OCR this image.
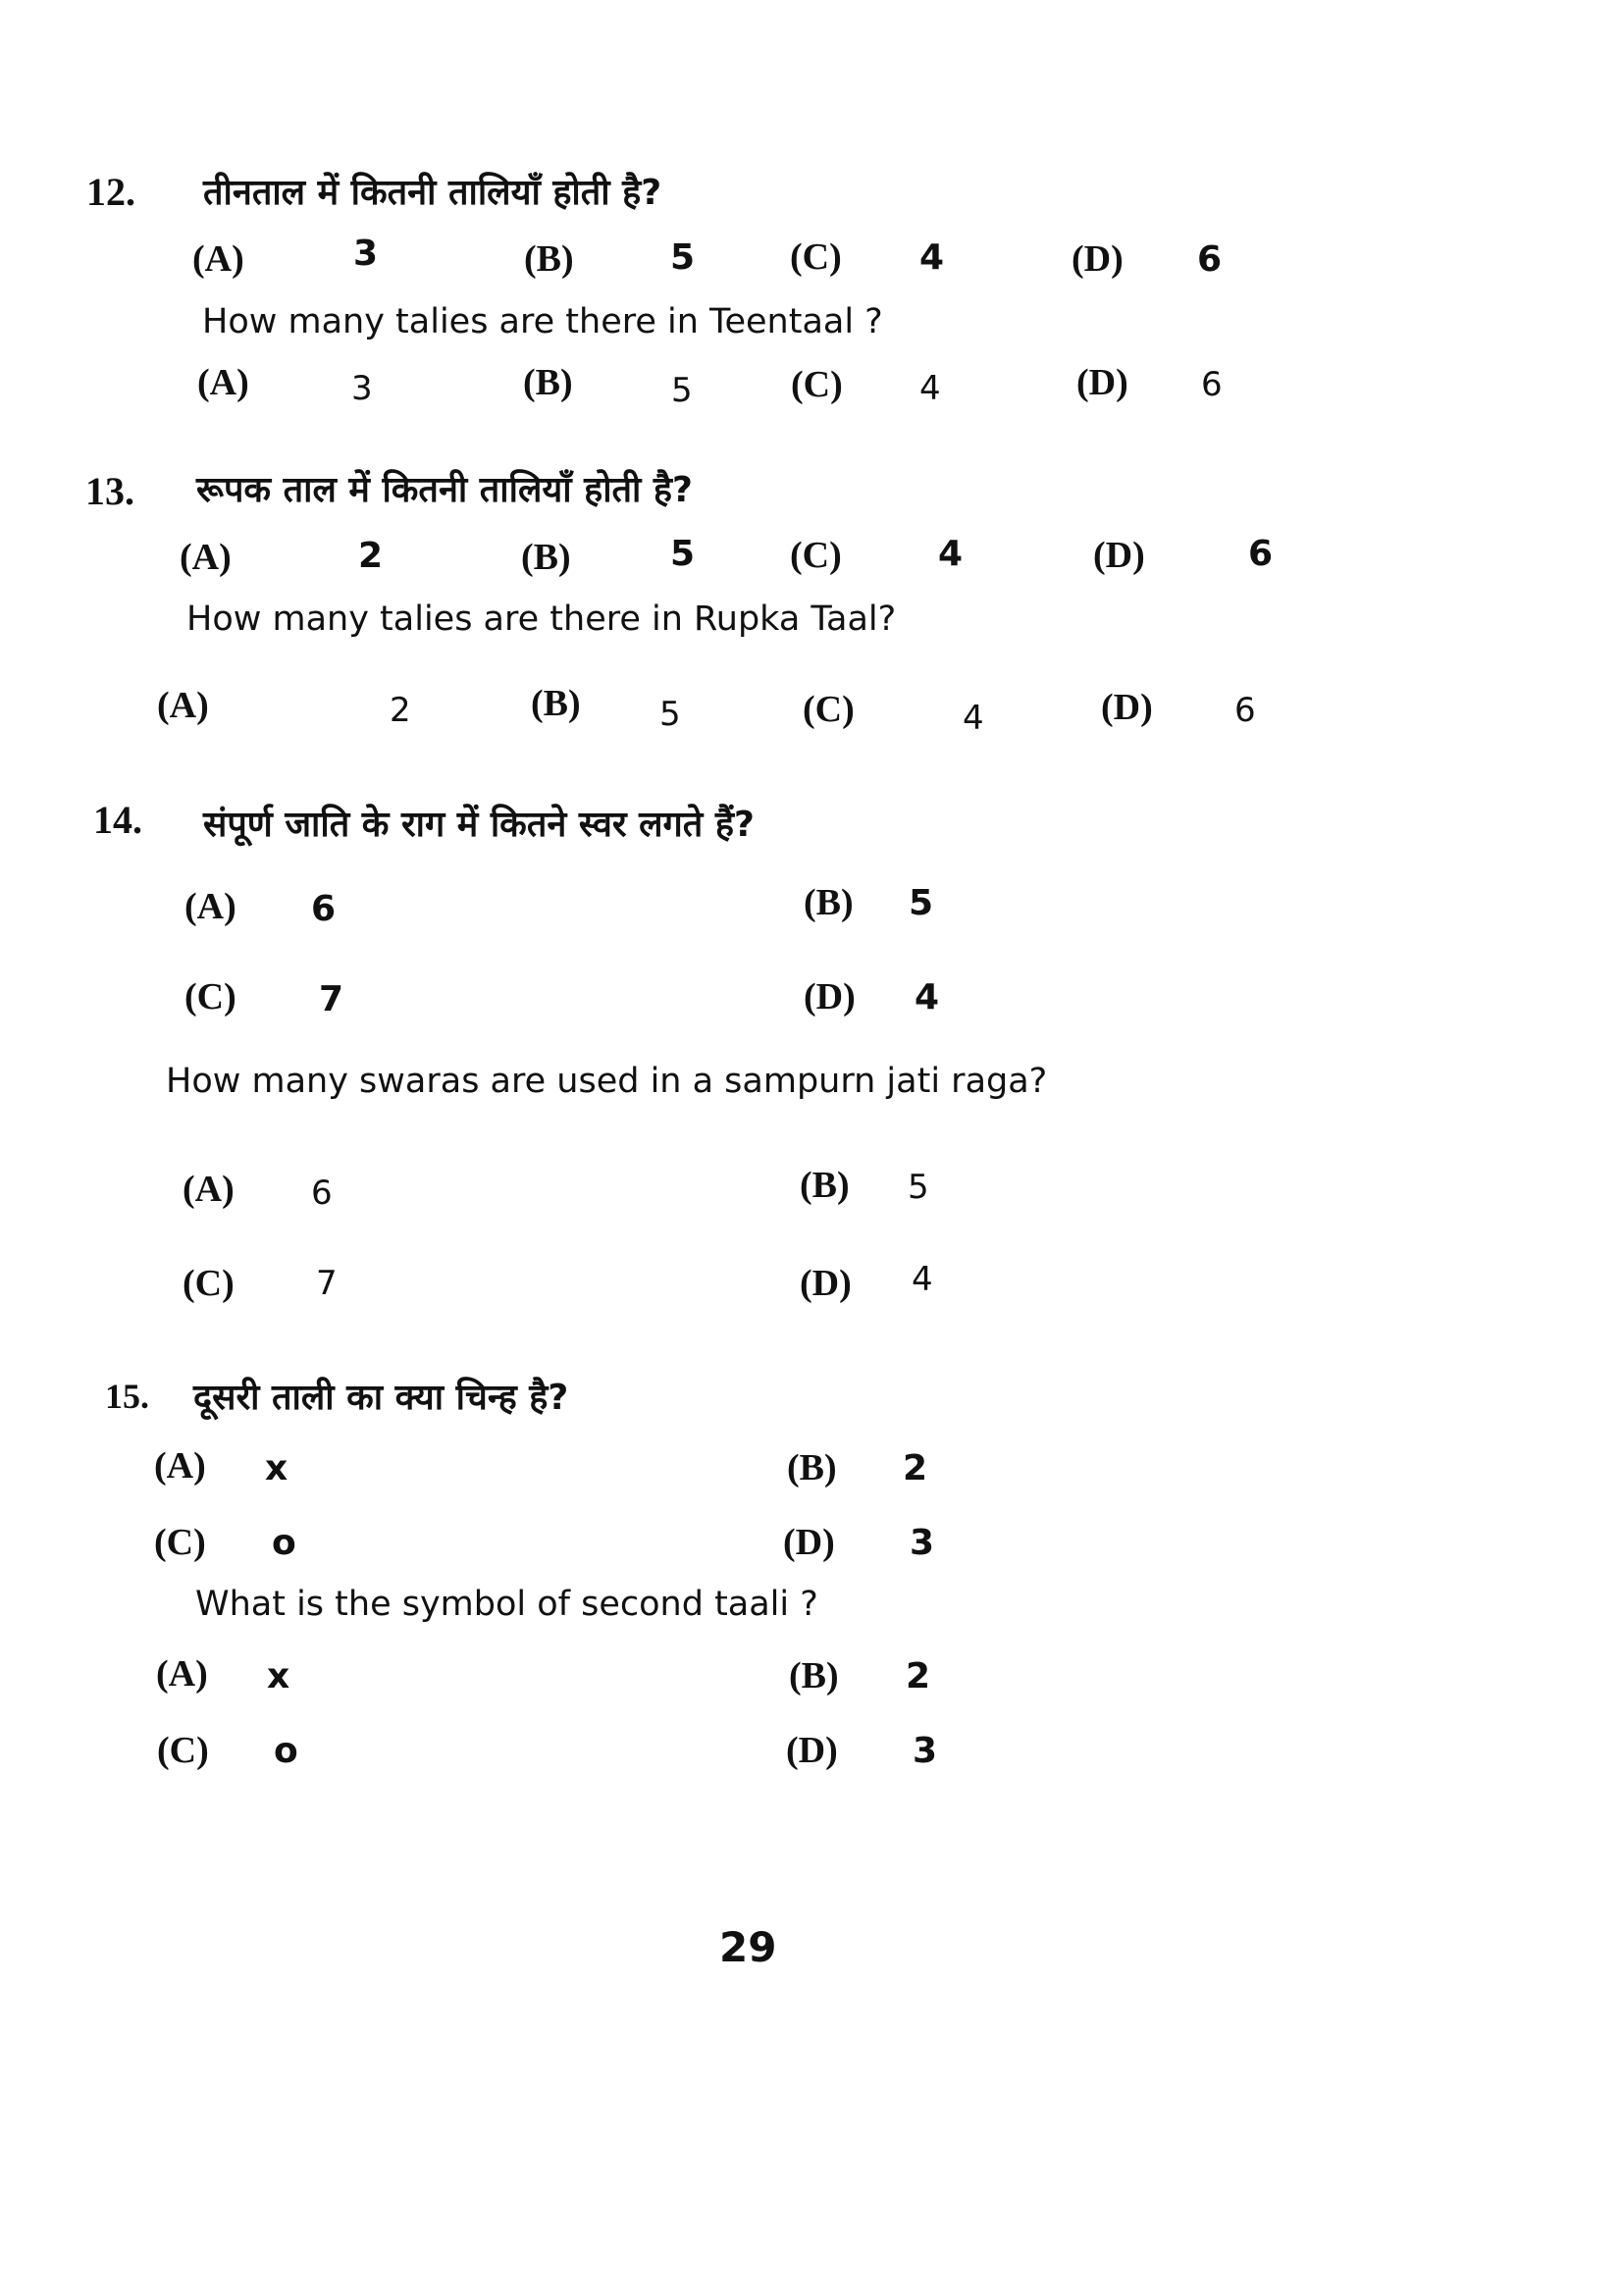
12. तीनताल में कितनी तालियाँ होती है?
(A)	3	(B)	5	(C) 4	(D) 6
How many talies are there in Teentaal ?
(A)	3	(B)	5	(C) 4	(D) 6
13. रूपक ताल में कितनी तालियाँ होती है?
(A)	2	(B)	5	(C)	4	(D)	6
How many talies are there in Rupka Taal?
(A)	2	(B) 5	(C)	4	(D) 6
14. संपूर्ण जाति के राग में कितने स्वर लगते हैं?
(A) 6	(B) 5
(C) 7	(D) 4
How many swaras are used in a sampurn jati raga?
(A) 6	(B) 5
(C) 7	(D) 4
15. दूसरी ताली का क्या चिन्ह है?
(A) x	(B) 2
(C) o	(D) 3
What is the symbol of second taali ?
(A) x	(B) 2
(C) o	(D) 3
29
